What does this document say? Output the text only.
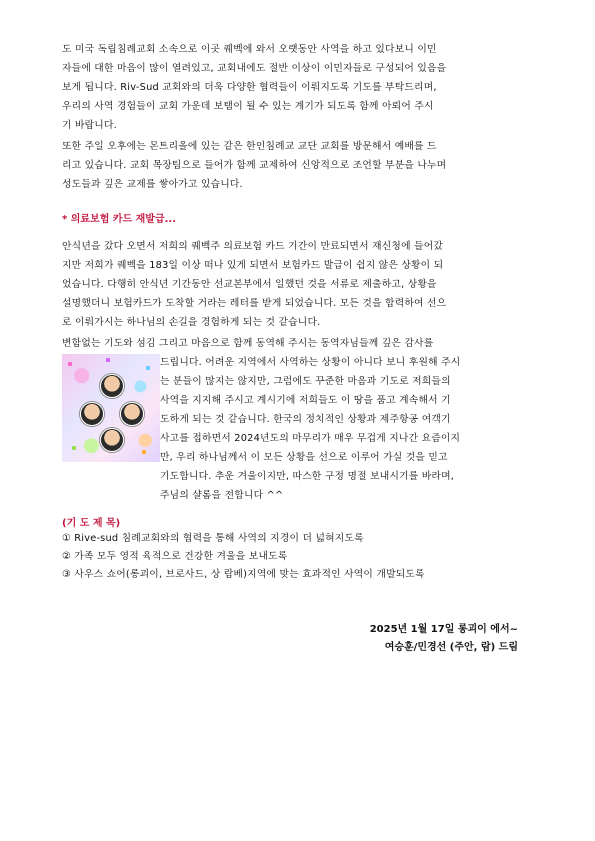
도 미국 독립침례교회 소속으로 이곳 퀘벡에 와서 오랫동안 사역을 하고 있다보니 이민
자들에 대한 마음이 많이 열려있고, 교회내에도 절반 이상이 이민자들로 구성되어 있음을
보게 됩니다. Riv-Sud 교회와의 더욱 다양한 협력들이 이뤄지도록 기도를 부탁드리며,
우리의 사역 경험들이 교회 가운데 보탬이 될 수 있는 계기가 되도록 함께 아뢰어 주시
기 바랍니다.
또한 주일 오후에는 몬트리올에 있는 같은 한인침례교 교단 교회를 방문해서 예배를 드
리고 있습니다. 교회 목장팀으로 들어가 함께 교제하여 신앙적으로 조언할 부분을 나누며
성도들과 깊은 교제를 쌓아가고 있습니다.
* 의료보험 카드 재발급...
안식년을 갔다 오면서 저희의 퀘벡주 의료보험 카드 기간이 만료되면서 재신청에 들어갔
지만 저희가 퀘벡을 183일 이상 떠나 있게 되면서 보험카드 발급이 쉽지 않은 상황이 되
었습니다. 다행히 안식년 기간동안 선교본부에서 일했던 것을 서류로 제출하고, 상황을
설명했더니 보험카드가 도착할 거라는 레터를 받게 되었습니다. 모든 것을 합력하여 선으
로 이뤄가시는 하나님의 손길을 경험하게 되는 것 같습니다.
변함없는 기도와 섬김 그리고 마음으로 함께 동역해 주시는 동역자님들께 깊은 감사를
드립니다. 어려운 지역에서 사역하는 상황이 아니다 보니 후원해 주시
는 분들이 많지는 않지만, 그럼에도 꾸준한 마음과 기도로 저희들의
사역을 지지해 주시고 계시기에 저희들도 이 땅을 품고 계속해서 기
도하게 되는 것 같습니다. 한국의 정치적인 상황과 제주항공 여객기
사고를 접하면서 2024년도의 마무리가 매우 무겁게 지나간 요즘이지
만, 우리 하나님께서 이 모든 상황을 선으로 이루어 가실 것을 믿고
기도합니다. 추운 겨울이지만, 따스한 구정 명절 보내시기를 바라며,
주님의 샬롬을 전합니다 ^^
(기 도 제 목)
① Rive-sud 침례교회와의 협력을 통해 사역의 지경이 더 넓혀지도록
② 가족 모두 영적 육적으로 건강한 겨울을 보내도록
③ 사우스 쇼어(롱괴이, 브로사드, 상 람베)지역에 맞는 효과적인 사역이 개발되도록
2025년 1월 17일 롱괴이 에서~
여승훈/민경선 (주안, 람) 드림
